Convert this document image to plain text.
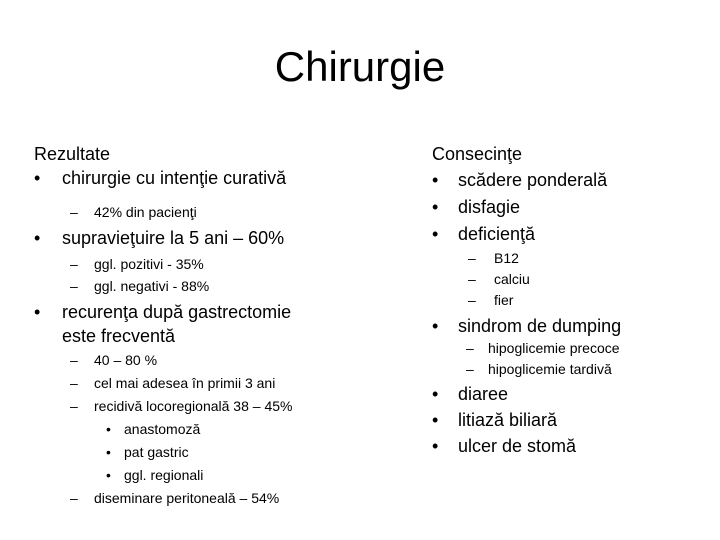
Chirurgie
Rezultate
• chirurgie cu intenţie curativă
– 42% din pacienţi
• supravieţuire la 5 ani – 60%
– ggl. pozitivi - 35%
– ggl. negativi - 88%
• recurenţa după gastrectomie
este frecventă
– 40 – 80 %
– cel mai adesea în primii 3 ani
– recidivă locoregională 38 – 45%
• anastomoză
• pat gastric
• ggl. regionali
– diseminare peritoneală – 54%
Consecinţe
• scădere ponderală
• disfagie
• deficienţă
– B12
– calciu
– fier
• sindrom de dumping
– hipoglicemie precoce
– hipoglicemie tardivă
• diaree
• litiază biliară
• ulcer de stomă
